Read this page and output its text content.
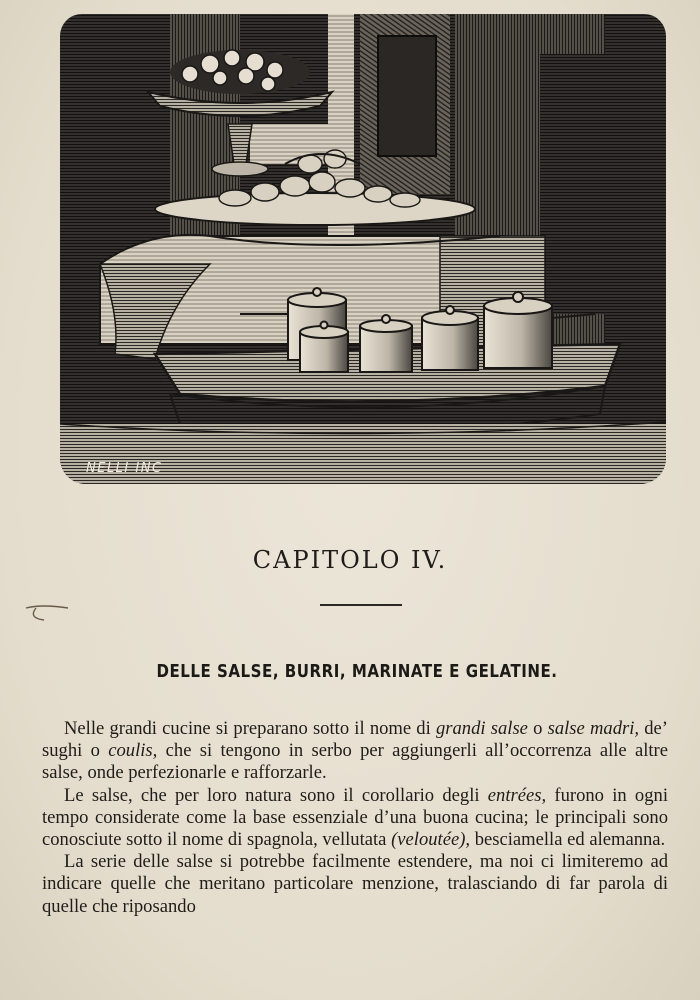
NELLI INC
CAPITOLO IV.
DELLE SALSE, BURRI, MARINATE E GELATINE.

Nelle grandi cucine si preparano sotto il nome di grandi salse o salse madri, de’ sughi o coulis, che si tengono in serbo per aggiungerli all’occorrenza alle altre salse, onde perfezionarle e rafforzarle.

Le salse, che per loro natura sono il corollario degli entrées, furono in ogni tempo considerate come la base essenziale d’una buona cucina; le principali sono conosciute sotto il nome di spagnola, vellutata (veloutée), besciamella ed alemanna.

La serie delle salse si potrebbe facilmente estendere, ma noi ci limiteremo ad indicare quelle che meritano particolare menzione, tralasciando di far parola di quelle che riposando
